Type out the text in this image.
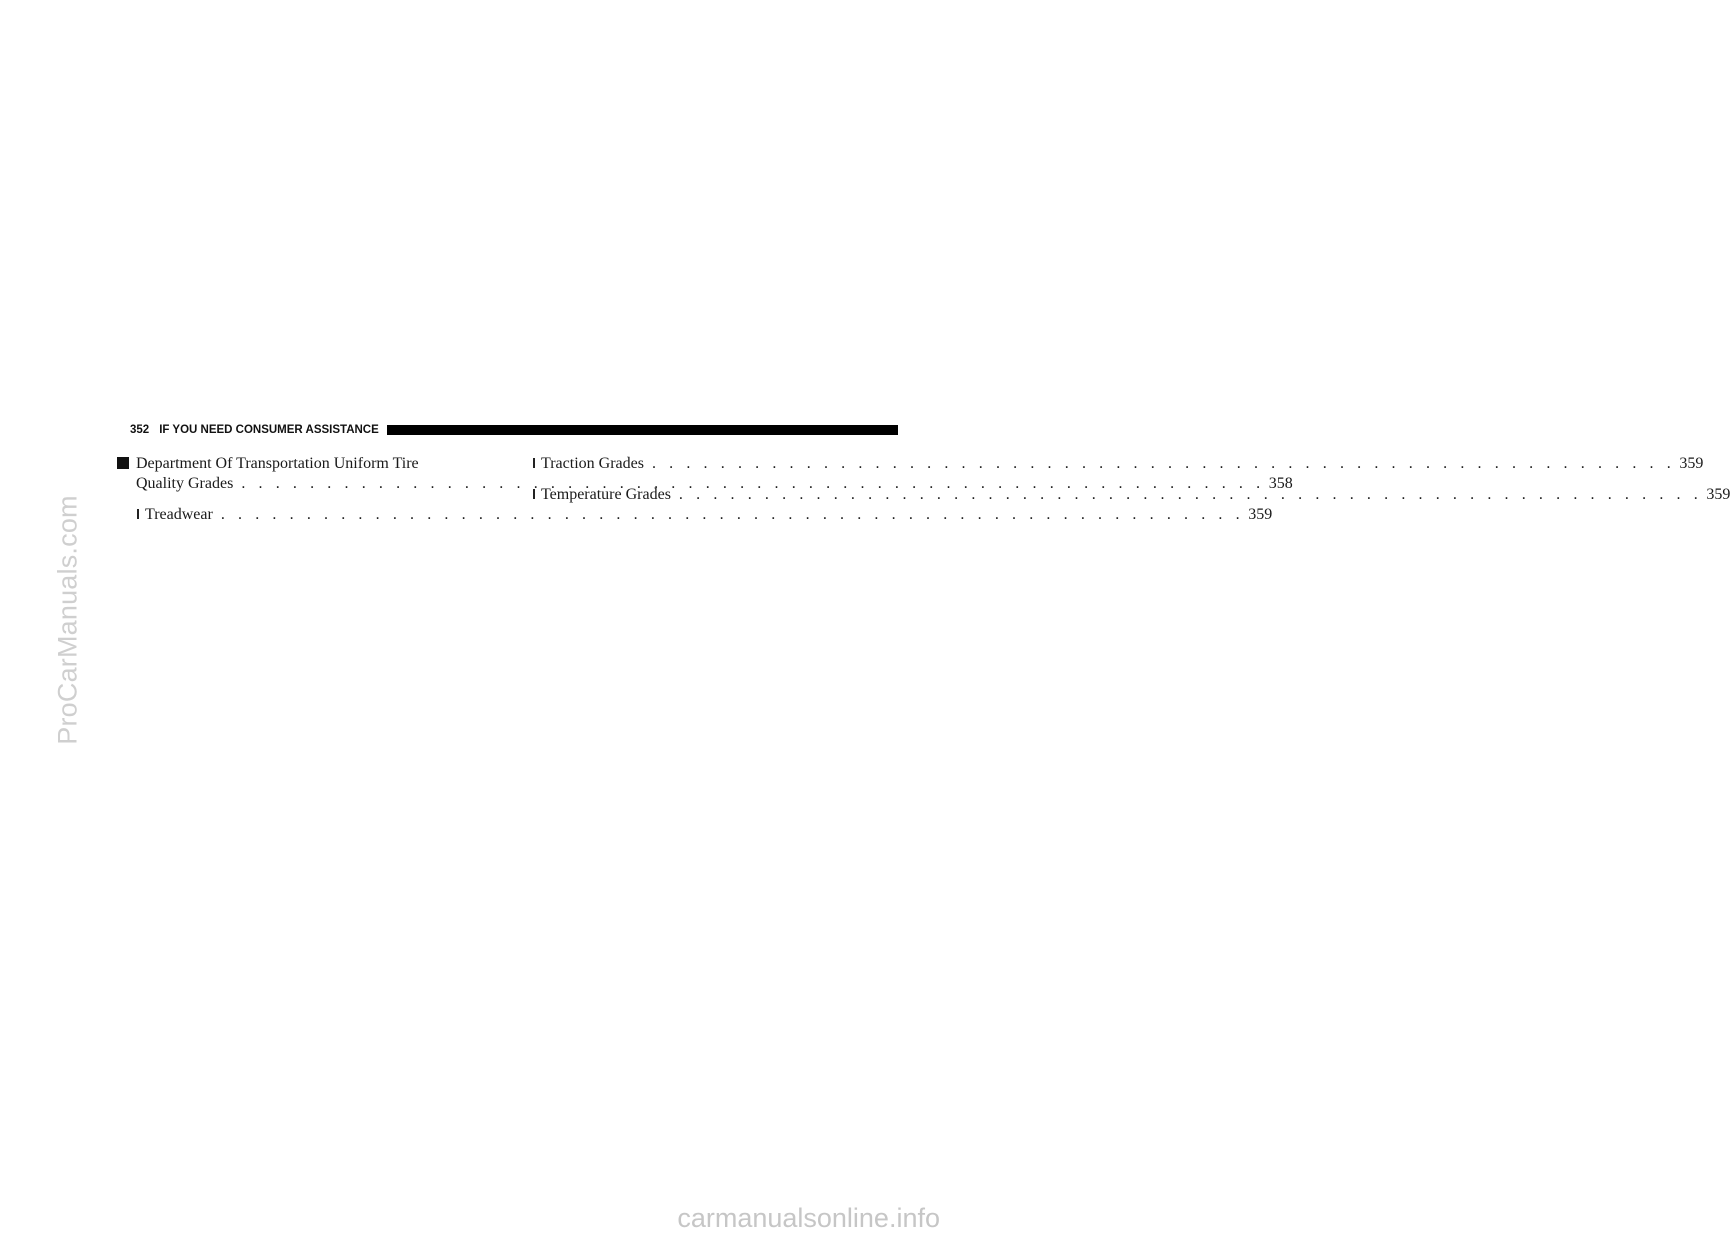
ProCarManuals.com
352 IF YOU NEED CONSUMER ASSISTANCE
Department Of Transportation Uniform Tire
Quality Grades . . .	358
Treadwear . . .	359
Traction Grades . . .	359
Temperature Grades . . .	359
carmanualsonline.info
